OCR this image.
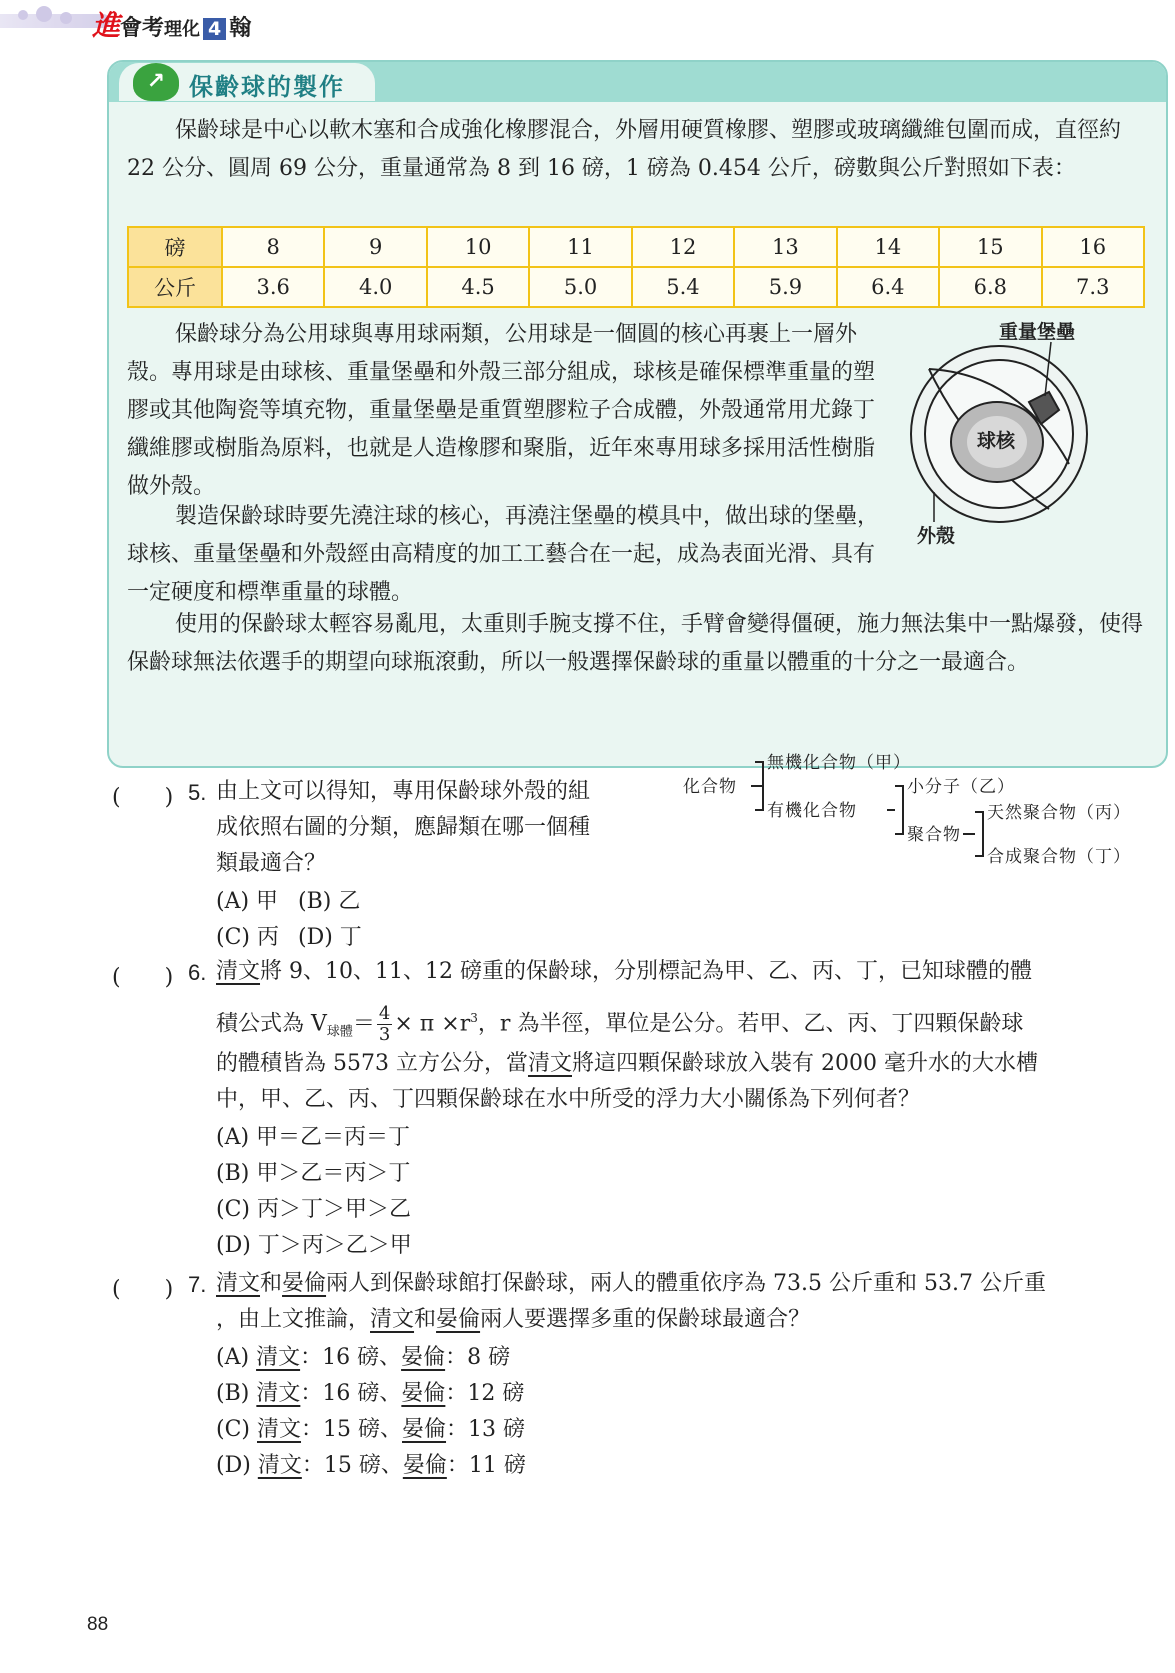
進會考理化 4 翰
↗ 保齡球的製作

保齡球是中心以軟木塞和合成強化橡膠混合，外層用硬質橡膠、塑膠或玻璃纖維包圍而成，直徑約 22 公分、圓周 69 公分，重量通常為 8 到 16 磅，1 磅為 0.454 公斤，磅數與公斤對照如下表：

磅	8	9	10	11	12	13	14	15	16
公斤	3.6	4.0	4.5	5.0	5.4	5.9	6.4	6.8	7.3

保齡球分為公用球與專用球兩類，公用球是一個圓的核心再裹上一層外殼。專用球是由球核、重量堡壘和外殼三部分組成，球核是確保標準重量的塑膠或其他陶瓷等填充物，重量堡壘是重質塑膠粒子合成體，外殼通常用尤錄丁纖維膠或樹脂為原料，也就是人造橡膠和聚脂，近年來專用球多採用活性樹脂做外殼。

重量堡壘
球核
外殼

製造保齡球時要先澆注球的核心，再澆注堡壘的模具中，做出球的堡壘，球核、重量堡壘和外殼經由高精度的加工工藝合在一起，成為表面光滑、具有一定硬度和標準重量的球體。

使用的保齡球太輕容易亂甩，太重則手腕支撐不住，手臂會變得僵硬，施力無法集中一點爆發，使得保齡球無法依選手的期望向球瓶滾動，所以一般選擇保齡球的重量以體重的十分之一最適合。

(　　) 5. 由上文可以得知，專用保齡球外殼的組
成依照右圖的分類，應歸類在哪一個種
類最適合？
(A) 甲 (B) 乙
(C) 丙 (D) 丁
化合物
無機化合物（甲）
有機化合物
小分子（乙）
聚合物
天然聚合物（丙）
合成聚合物（丁）
(　　) 6. 清文將 9、10、11、12 磅重的保齡球，分別標記為甲、乙、丙、丁，已知球體的體
積公式為 $V_{球體}= \frac{4}{3} \times \pi \times r^3$，r 為半徑，單位是公分。若甲、乙、丙、丁四顆保齡球
的體積皆為 5573 立方公分，當清文將這四顆保齡球放入裝有 2000 毫升水的大水槽
中，甲、乙、丙、丁四顆保齡球在水中所受的浮力大小關係為下列何者？
(A) 甲＝乙＝丙＝丁
(B) 甲＞乙＝丙＞丁
(C) 丙＞丁＞甲＞乙
(D) 丁＞丙＞乙＞甲
(　　) 7. 清文和晏倫兩人到保齡球館打保齡球，兩人的體重依序為 73.5 公斤重和 53.7 公斤重
，由上文推論，清文和晏倫兩人要選擇多重的保齡球最適合？
(A) 清文：16 磅、晏倫：8 磅
(B) 清文：16 磅、晏倫：12 磅
(C) 清文：15 磅、晏倫：13 磅
(D) 清文：15 磅、晏倫：11 磅
88
